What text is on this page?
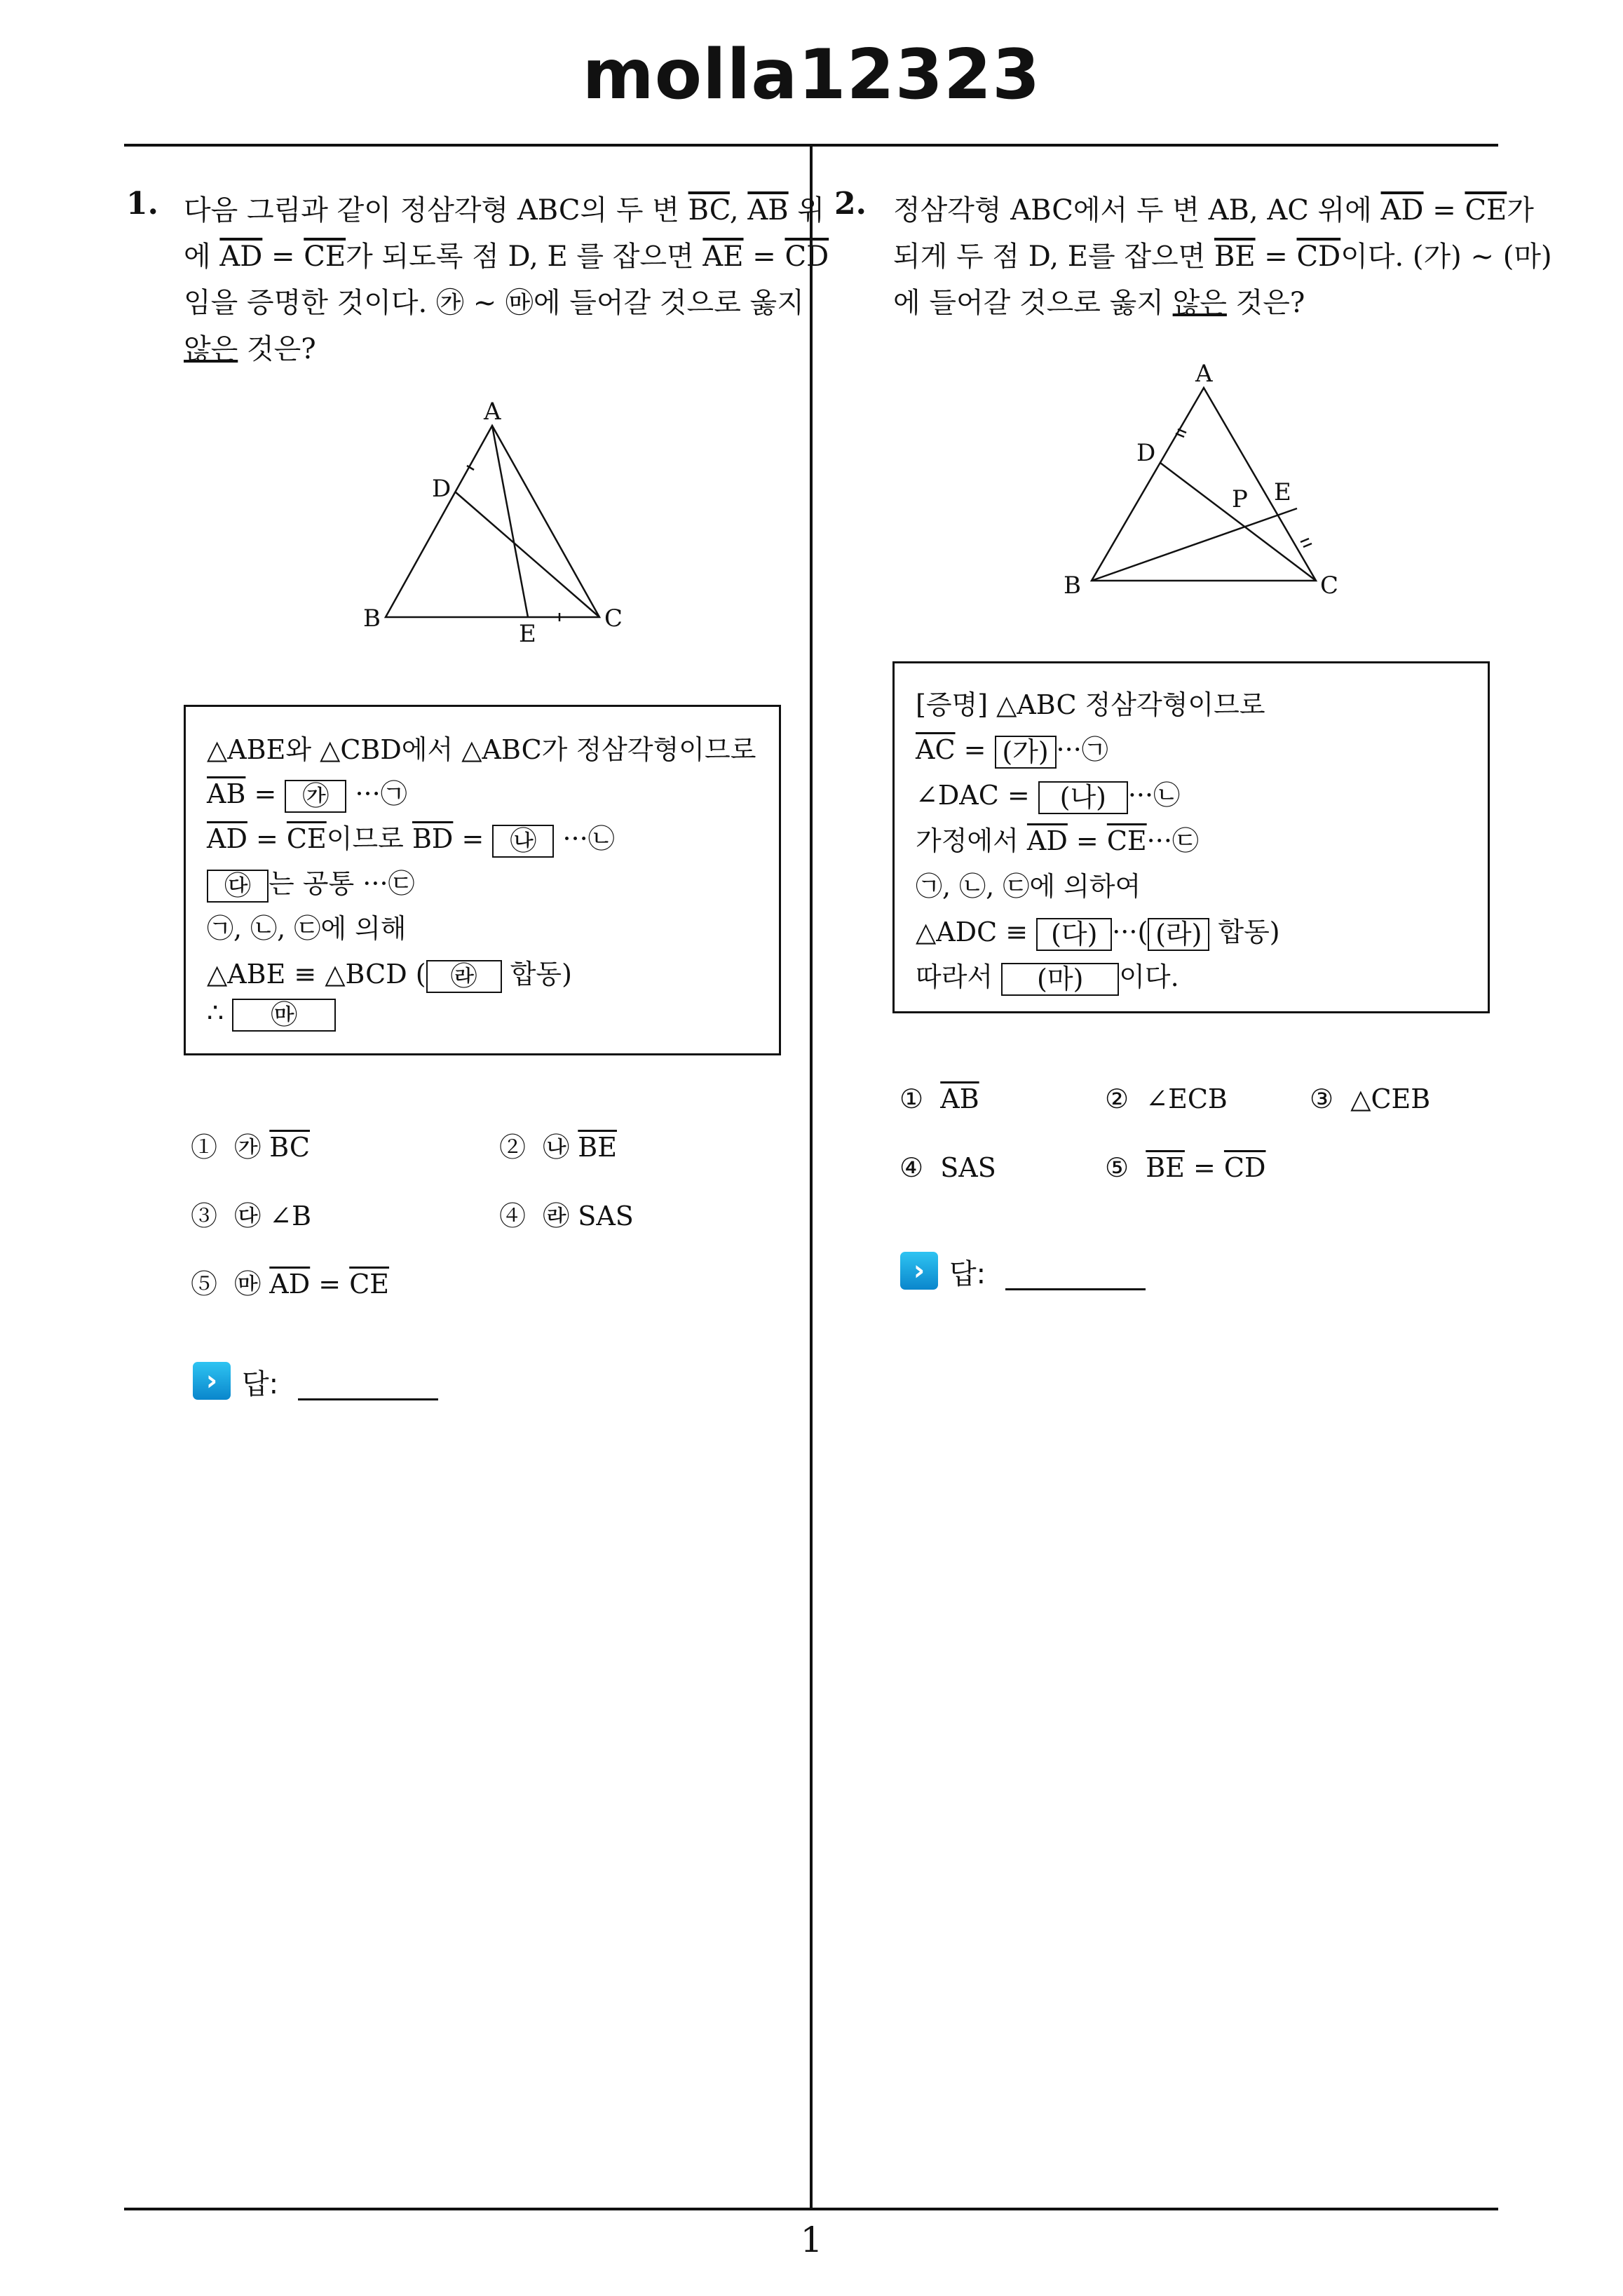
molla12323
1. 다음 그림과 같이 정삼각형 ABC의 두 변 $\overline{BC}$, $\overline{AB}$ 위
에 $\overline{AD} = \overline{CE}$가 되도록 점 D, E 를 잡으면 $\overline{AE} = \overline{CD}$
임을 증명한 것이다. ㉮ ~ ㉲에 들어갈 것으로 옳지
않은 것은?
A
D
B
E
C
△ABE와 △CBD에서 △ABC가 정삼각형이므로
$\overline{AB}$ = ㉮ ···㉠
$\overline{AD} = \overline{CE}$이므로 $\overline{BD}$ = ㉯ ···㉡
㉰ 는 공통 ···㉢
㉠, ㉡, ㉢에 의해
△ABE ≡ △BCD ( ㉱ 합동)
∴ ㉲
① ㉮ $\overline{BC}$	② ㉯ $\overline{BE}$
③ ㉰ ∠B	④ ㉱ SAS
⑤ ㉲ $\overline{AD} = \overline{CE}$
› 답:
2. 정삼각형 ABC에서 두 변 AB, AC 위에 $\overline{AD} = \overline{CE}$가
되게 두 점 D, E를 잡으면 $\overline{BE} = \overline{CD}$이다. (가) ~ (마)
에 들어갈 것으로 옳지 않은 것은?
A
D
P E
B	C
[증명] △ABC 정삼각형이므로
$\overline{AC}$ = (가) ···㉠
∠DAC = (나) ···㉡
가정에서 $\overline{AD}$ = $\overline{CE}\cdot\cdot\cdot㉢$
㉠, ㉡, ㉢에 의하여
△ADC ≡ (다) ···( (라) 합동)
따라서 (마) 이다.
① $\overline{AB}$	② ∠ECB	③ △CEB
④ SAS	⑤ $\overline{BE} = \overline{CD}$
› 답:
1
